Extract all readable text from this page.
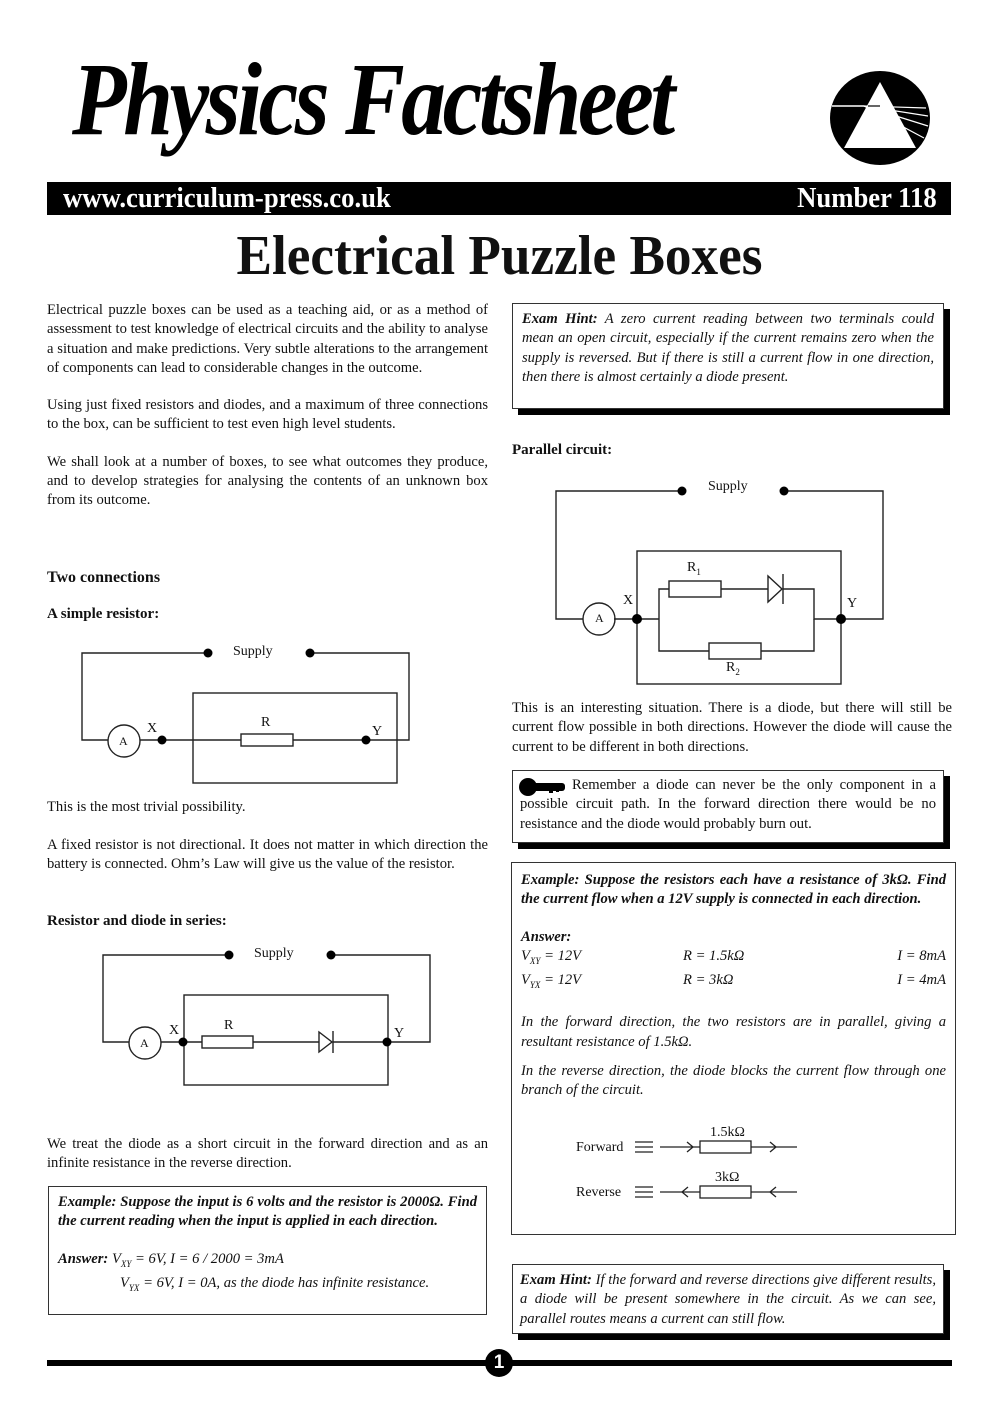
Physics Factsheet
www.curriculum-press.co.uk	Number 118
Electrical Puzzle Boxes

Electrical puzzle boxes can be used as a teaching aid, or as a method of assessment to test knowledge of electrical circuits and the ability to analyse a situation and make predictions. Very subtle alterations to the arrangement of components can lead to considerable changes in the outcome.

Using just fixed resistors and diodes, and a maximum of three connections to the box, can be sufficient to test even high level students.

We shall look at a number of boxes, to see what outcomes they produce, and to develop strategies for analysing the contents of an unknown box from its outcome.

Two connections
A simple resistor:
Supply
A
X	Y
R

This is the most trivial possibility.

A fixed resistor is not directional. It does not matter in which direction the battery is connected. Ohm’s Law will give us the value of the resistor.

Resistor and diode in series:
Supply
A
X	Y
R

We treat the diode as a short circuit in the forward direction and as an infinite resistance in the reverse direction.

Example: Suppose the input is 6 volts and the resistor is 2000Ω. Find the current reading when the input is applied in each direction.
Answer: $V_{XY} = 6V$, I = 6 / 2000 = 3mA
$V_{YX} = 6V$, I = 0A, as the diode has infinite resistance.
Exam Hint: A zero current reading between two terminals could mean an open circuit, especially if the current remains zero when the supply is reversed. But if there is still a current flow in one direction, then there is almost certainly a diode present.
Parallel circuit:
Supply
A
X	Y
$R_1$
$R_2$

This is an interesting situation. There is a diode, but there will still be current flow possible in both directions. However the diode will cause the current to be different in both directions.

Remember a diode can never be the only component in a possible circuit path. In the forward direction there would be no resistance and the diode would probably burn out.
Example: Suppose the resistors each have a resistance of 3kΩ. Find the current flow when a 12V supply is connected in each direction.
Answer:
$V_{XY} = 12V$	R = 1.5kΩ	I = 8mA
$V_{YX} = 12V$	R = 3kΩ	I = 4mA
In the forward direction, the two resistors are in parallel, giving a resultant resistance of 1.5kΩ.
In the reverse direction, the diode blocks the current flow through one branch of the circuit.
Forward
1.5kΩ
Reverse
3kΩ
Exam Hint: If the forward and reverse directions give different results, a diode will be present somewhere in the circuit. As we can see, parallel routes means a current can still flow.
1
